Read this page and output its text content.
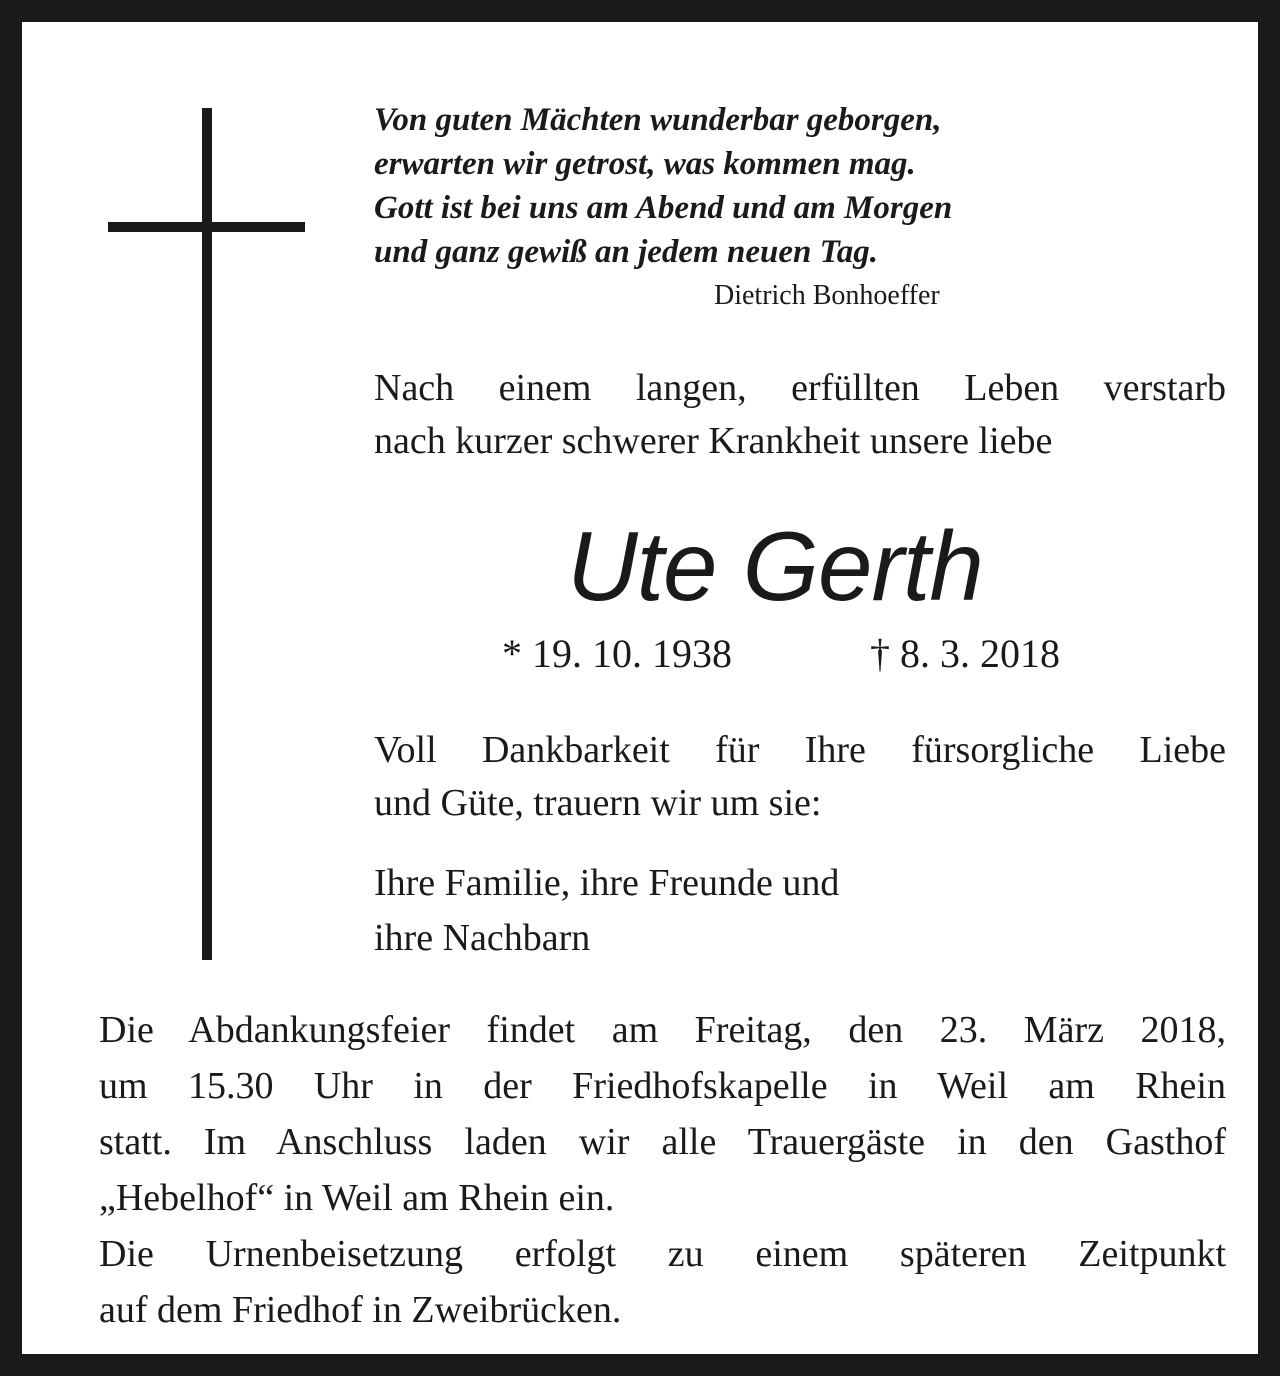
Von guten Mächten wunderbar geborgen,
erwarten wir getrost, was kommen mag.
Gott ist bei uns am Abend und am Morgen
und ganz gewiß an jedem neuen Tag.
Dietrich Bonhoeffer
Nach einem langen, erfüllten Leben verstarb
nach kurzer schwerer Krankheit unsere liebe
Ute Gerth
* 19. 10. 1938	† 8. 3. 2018
Voll Dankbarkeit für Ihre fürsorgliche Liebe
und Güte, trauern wir um sie:
Ihre Familie, ihre Freunde und
ihre Nachbarn
Die Abdankungsfeier findet am Freitag, den 23. März 2018,
um 15.30 Uhr in der Friedhofskapelle in Weil am Rhein
statt. Im Anschluss laden wir alle Trauergäste in den Gasthof
„Hebelhof“ in Weil am Rhein ein.
Die Urnenbeisetzung erfolgt zu einem späteren Zeitpunkt
auf dem Friedhof in Zweibrücken.
